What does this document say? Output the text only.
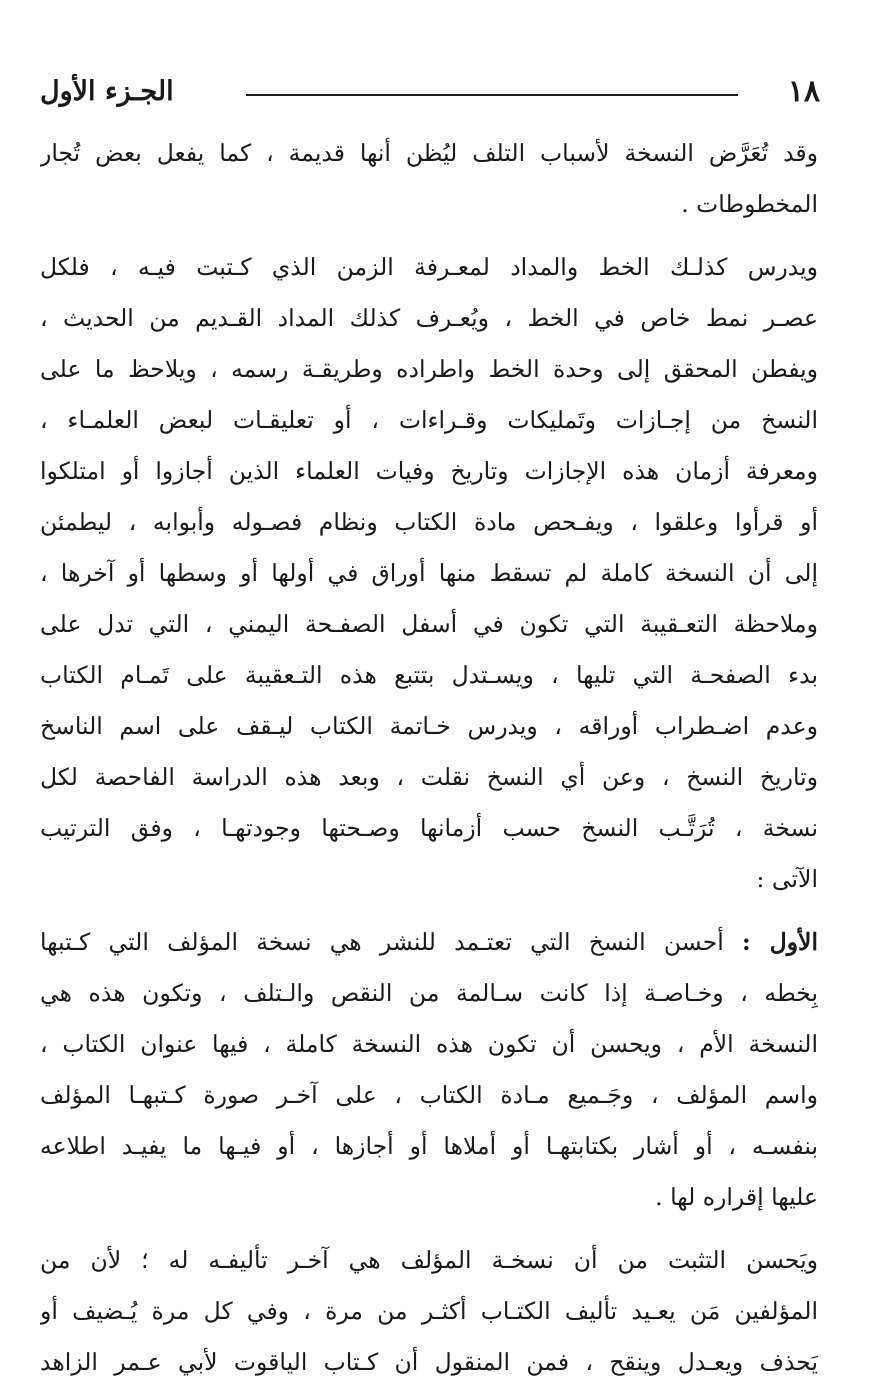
١٨
الجـزء الأول
وقد تُعَرَّض النسخة لأسباب التلف ليُظن أنها قديمة ، كما يفعل بعض تُجار
المخطوطات .
ويدرس كذلـك الخط والمداد لمعـرفة الزمن الذي كـتبت فيـه ، فلكل
عصـر نمط خاص في الخط ، ويُعـرف كذلك المداد القـديم من الحديث ،
ويفطن المحقق إلى وحدة الخط واطراده وطريقـة رسمه ، ويلاحظ ما على
النسخ من إجـازات وتَمليكات وقـراءات ، أو تعليقـات لبعض العلمـاء ،
ومعرفة أزمان هذه الإجازات وتاريخ وفيات العلماء الذين أجازوا أو امتلكوا
أو قرأوا وعلقوا ، ويفـحص مادة الكتاب ونظام فصـوله وأبوابه ، ليطمئن
إلى أن النسخة كاملة لم تسقط منها أوراق في أولها أو وسطها أو آخرها ،
وملاحظة التعـقيبة التي تكون في أسفل الصفـحة اليمني ، التي تدل على
بدء الصفحـة التي تليها ، ويسـتدل بتتبع هذه التـعقيبة على تَمـام الكتاب
وعدم اضـطراب أوراقه ، ويدرس خـاتمة الكتاب ليـقف على اسم الناسخ
وتاريخ النسخ ، وعن أي النسخ نقلت ، وبعد هذه الدراسة الفاحصة لكل
نسخة ، تُرَتَّـب النسخ حسب أزمانها وصـحتها وجودتهـا ، وفق الترتيب
الآتى :
الأول : أحسن النسخ التي تعتـمد للنشر هي نسخة المؤلف التي كـتبها
بِخطه ، وخـاصـة إذا كانت سـالمة من النقص والـتلف ، وتكون هذه هي
النسخة الأم ، ويحسن أن تكون هذه النسخة كاملة ، فيها عنوان الكتاب ،
واسم المؤلف ، وجَـميع مـادة الكتاب ، على آخـر صورة كـتبهـا المؤلف
بنفسـه ، أو أشار بكتابتهـا أو أملاها أو أجازها ، أو فيـها ما يفيـد اطلاعه
عليها إقراره لها .
ويَحسن التثبت من أن نسخـة المؤلف هي آخـر تأليفـه له ؛ لأن من
المؤلفين مَن يعـيد تأليف الكتـاب أكثـر من مرة ، وفي كل مرة يُـضيف أو
يَحذف ويعـدل وينقح ، فمن المنقول أن كـتاب الياقوت لأبي عـمر الزاهد
